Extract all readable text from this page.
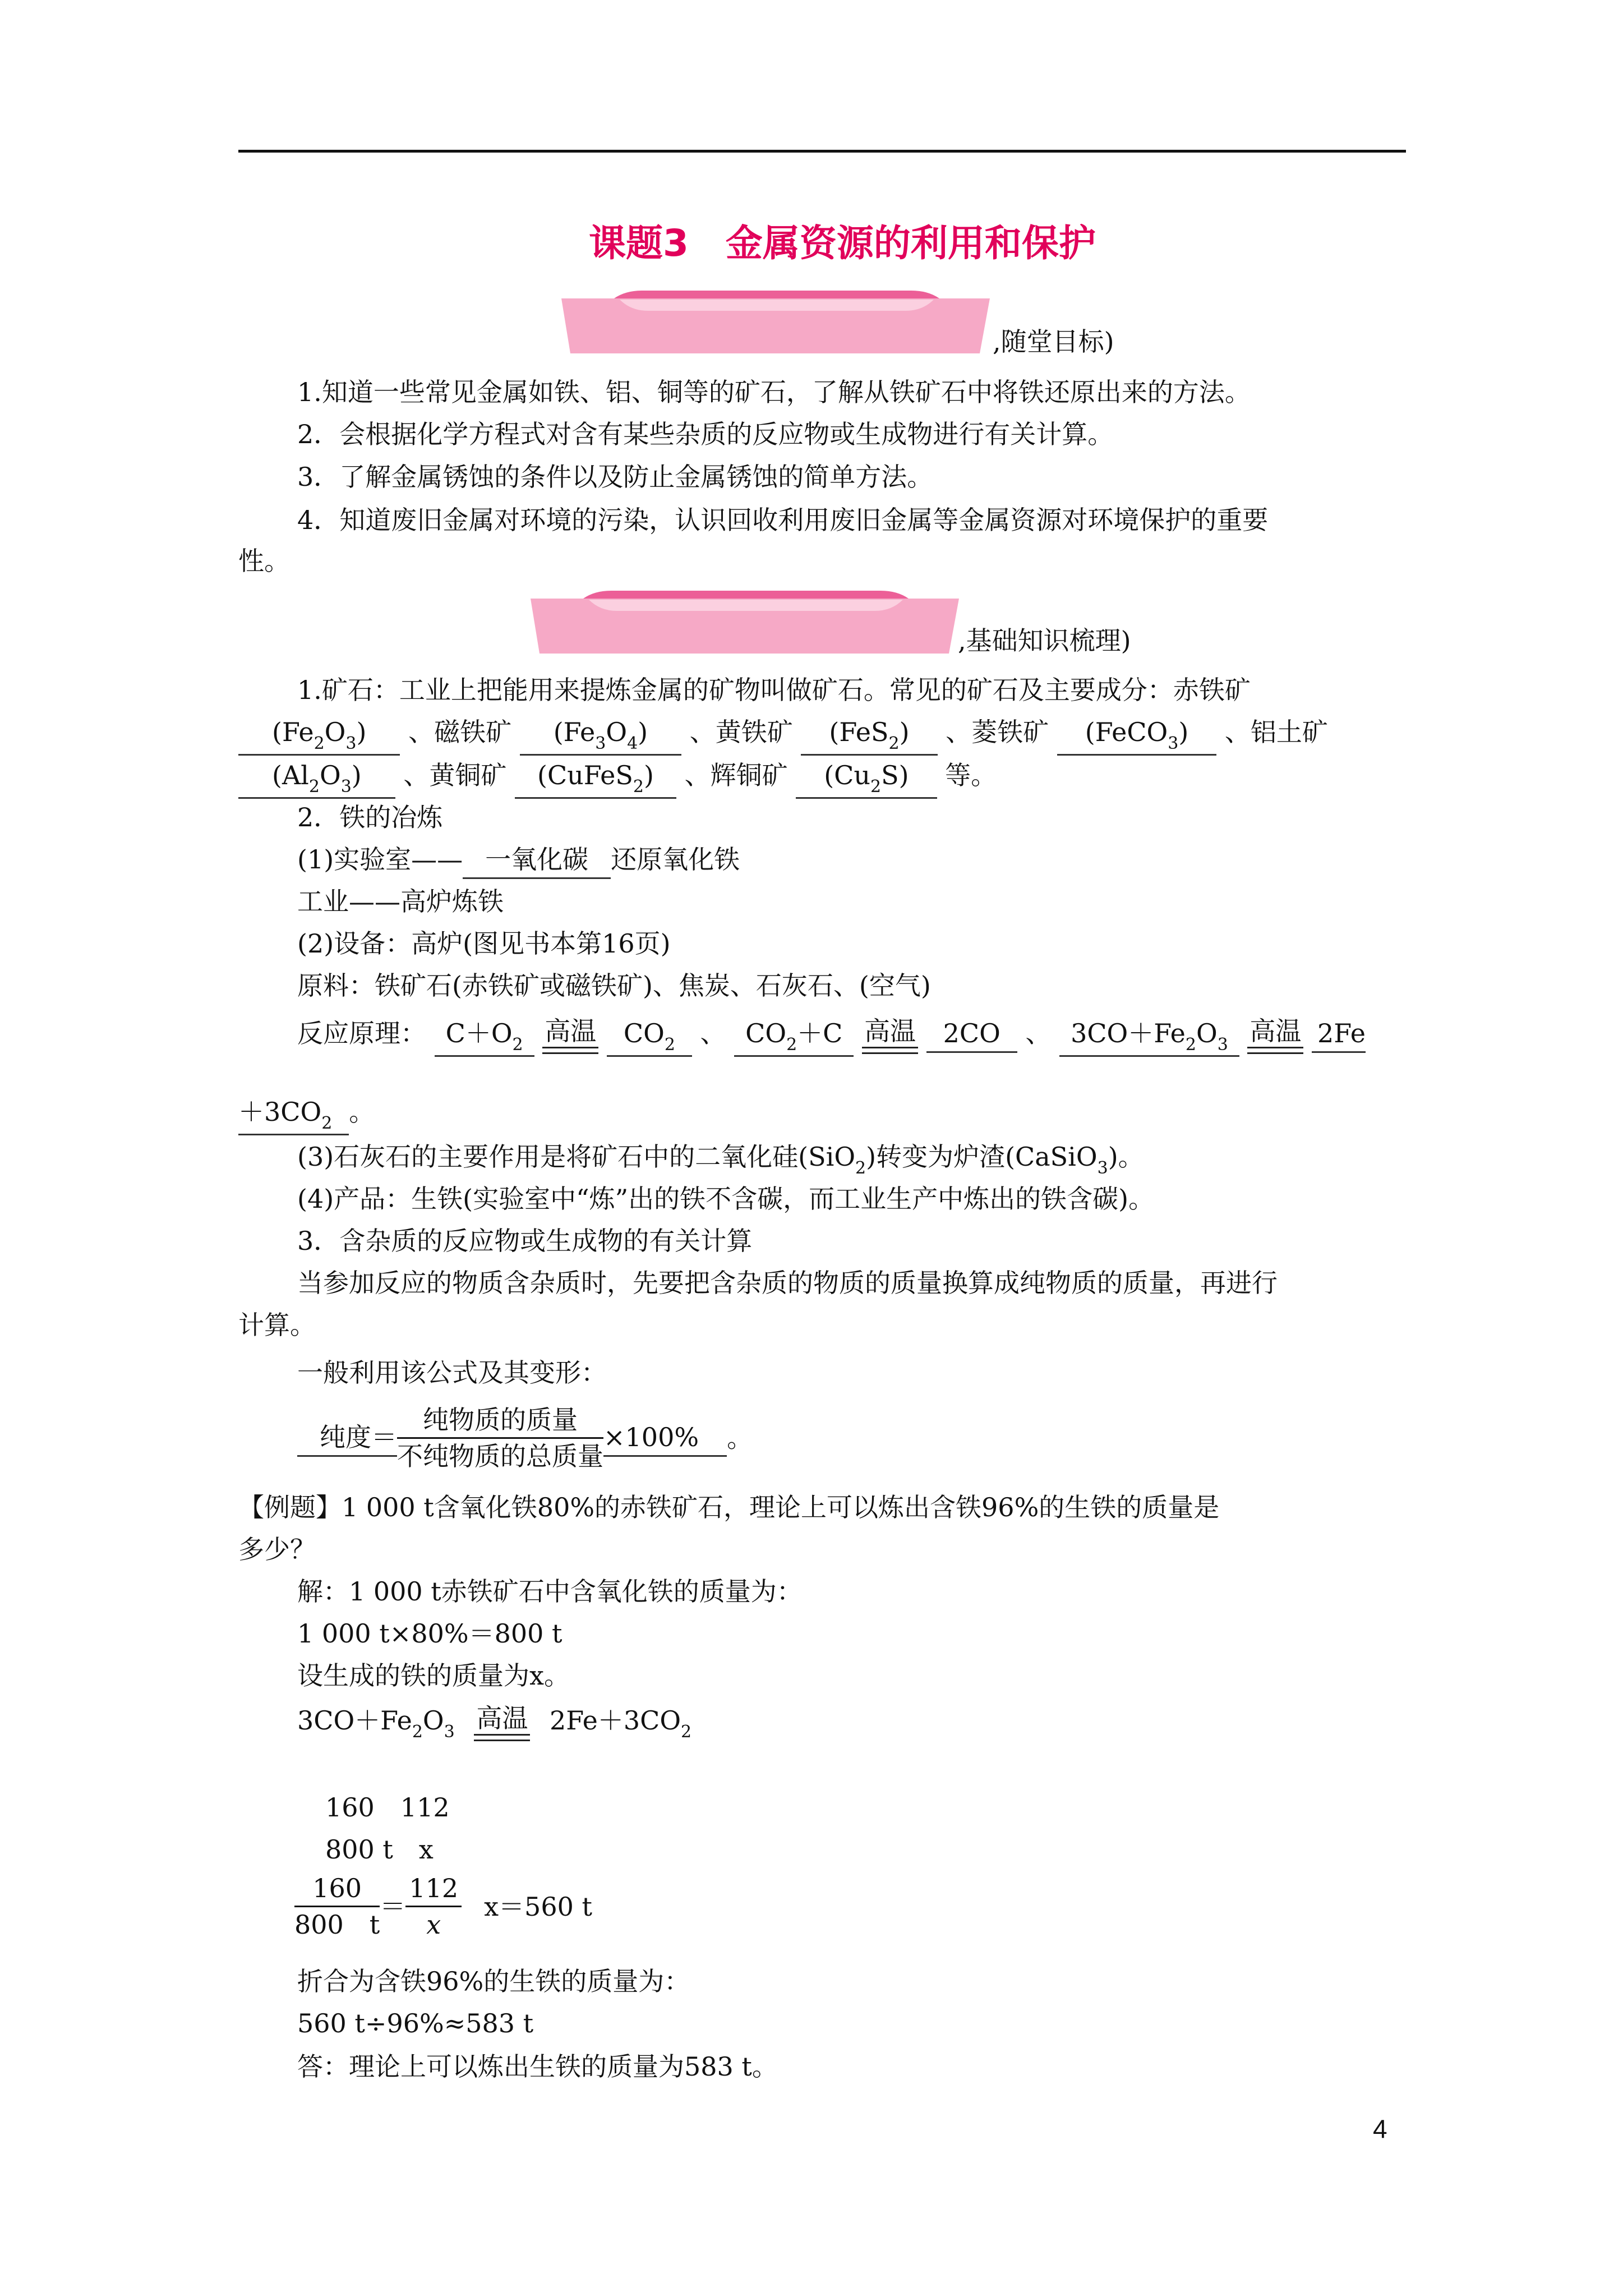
课题3　金属资源的利用和保护
,随堂目标)
1.知道一些常见金属如铁、铝、铜等的矿石，了解从铁矿石中将铁还原出来的方法。
2．会根据化学方程式对含有某些杂质的反应物或生成物进行有关计算。
3．了解金属锈蚀的条件以及防止金属锈蚀的简单方法。
4．知道废旧金属对环境的污染，认识回收利用废旧金属等金属资源对环境保护的重要
性。
,基础知识梳理)
1.矿石：工业上把能用来提炼金属的矿物叫做矿石。常见的矿石及主要成分：赤铁矿
$(Fe_2O_3)$ 、磁铁矿 $(Fe_3O_4)$ 、黄铁矿 (FeS$_2$) 、菱铁矿 (FeCO$_3$) 、铝土矿
$(Al_2O_3)$ 、黄铜矿 (CuFeS$_2$) 、辉铜矿 $(Cu_2S)$ 等。
2．铁的冶炼
(1)实验室—— 一氧化碳 还原氧化铁
工业——高炉炼铁
(2)设备：高炉(图见书本第16页)
原料：铁矿石(赤铁矿或磁铁矿)、焦炭、石灰石、(空气)
反应原理： $C+O_2$ 高温 $CO_2$ 、 $CO_2+C$ 高温 2CO 、 $3CO+Fe_2O_3$ 高温 2Fe
$+3CO_2$ 。
(3)石灰石的主要作用是将矿石中的二氧化硅(SiO$_2$)转变为炉渣(CaSiO$_3$)。
(4)产品：生铁(实验室中“炼”出的铁不含碳，而工业生产中炼出的铁含碳)。
3．含杂质的反应物或生成物的有关计算
当参加反应的物质含杂质时，先要把含杂质的物质的质量换算成纯物质的质量，再进行
计算。
一般利用该公式及其变形：
纯度＝ $\frac{\text{纯物质的质量}}{\text{不纯物质的总质量}} \times 100\%$ 。
【例题】1 000 t含氧化铁80%的赤铁矿石，理论上可以炼出含铁96%的生铁的质量是
多少？
解：1 000 t赤铁矿石中含氧化铁的质量为：
1 000 t×80%＝800 t
设生成的铁的质量为x。
$3CO+Fe_2O_3$ 高温 $2Fe+3CO_2$
160　112
800 t　x
$\frac{160}{800 t} = \frac{112}{x} x=560$ t
折合为含铁96%的生铁的质量为：
560 t÷96%≈583 t
答：理论上可以炼出生铁的质量为583 t。
4
